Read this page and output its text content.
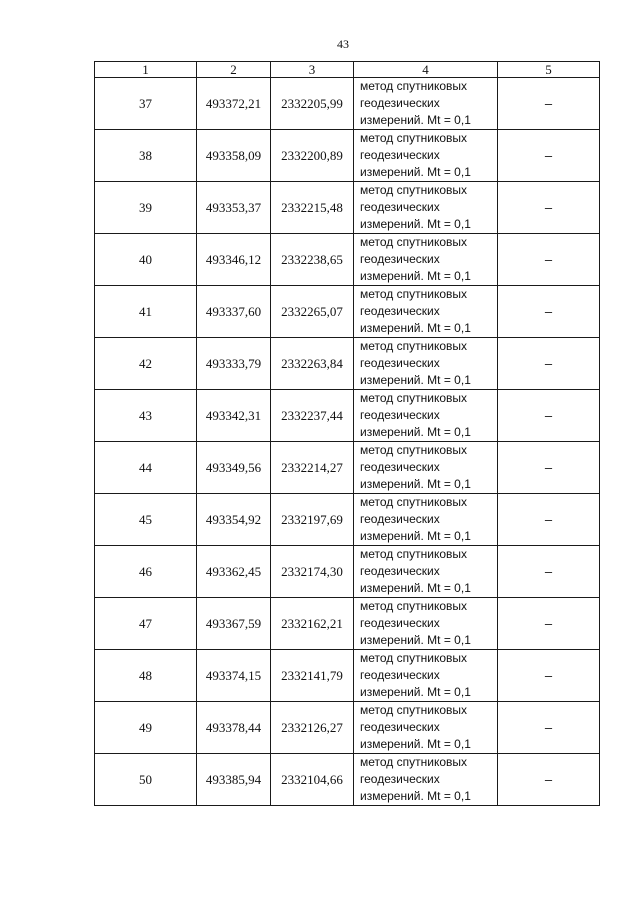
43
1	2	3	4	5
37	493372,21	2332205,99	метод спутниковых
геодезических
измерений. Mt = 0,1	–
38	493358,09	2332200,89	метод спутниковых
геодезических
измерений. Mt = 0,1	–
39	493353,37	2332215,48	метод спутниковых
геодезических
измерений. Mt = 0,1	–
40	493346,12	2332238,65	метод спутниковых
геодезических
измерений. Mt = 0,1	–
41	493337,60	2332265,07	метод спутниковых
геодезических
измерений. Mt = 0,1	–
42	493333,79	2332263,84	метод спутниковых
геодезических
измерений. Mt = 0,1	–
43	493342,31	2332237,44	метод спутниковых
геодезических
измерений. Mt = 0,1	–
44	493349,56	2332214,27	метод спутниковых
геодезических
измерений. Mt = 0,1	–
45	493354,92	2332197,69	метод спутниковых
геодезических
измерений. Mt = 0,1	–
46	493362,45	2332174,30	метод спутниковых
геодезических
измерений. Mt = 0,1	–
47	493367,59	2332162,21	метод спутниковых
геодезических
измерений. Mt = 0,1	–
48	493374,15	2332141,79	метод спутниковых
геодезических
измерений. Mt = 0,1	–
49	493378,44	2332126,27	метод спутниковых
геодезических
измерений. Mt = 0,1	–
50	493385,94	2332104,66	метод спутниковых
геодезических
измерений. Mt = 0,1	–
